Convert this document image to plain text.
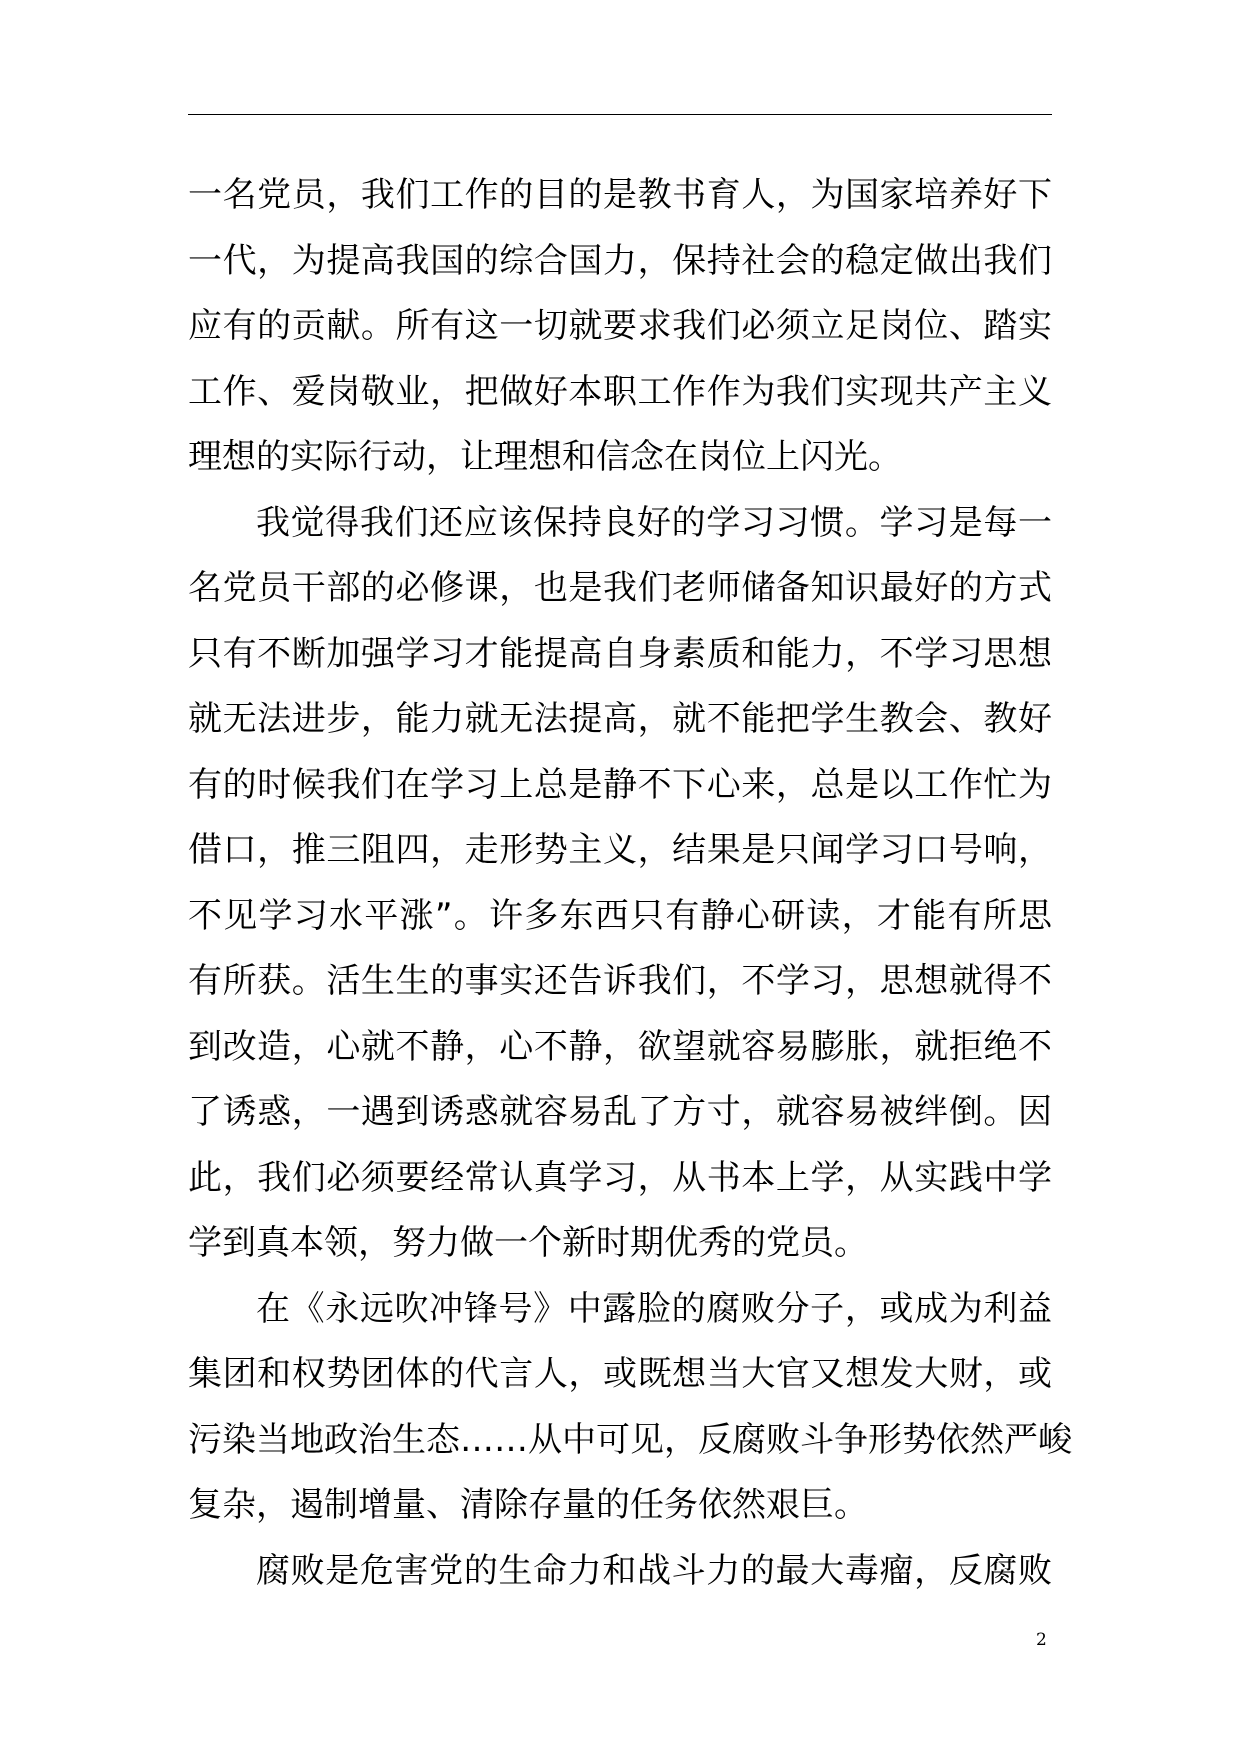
一名党员，我们工作的目的是教书育人，为国家培养好下
一代，为提高我国的综合国力，保持社会的稳定做出我们
应有的贡献。所有这一切就要求我们必须立足岗位、踏实
工作、爱岗敬业，把做好本职工作作为我们实现共产主义
理想的实际行动，让理想和信念在岗位上闪光。
我觉得我们还应该保持良好的学习习惯。学习是每一
名党员干部的必修课，也是我们老师储备知识最好的方式
只有不断加强学习才能提高自身素质和能力，不学习思想
就无法进步，能力就无法提高，就不能把学生教会、教好
有的时候我们在学习上总是静不下心来，总是以工作忙为
借口，推三阻四，走形势主义，结果是只闻学习口号响，
不见学习水平涨”。许多东西只有静心研读，才能有所思
有所获。活生生的事实还告诉我们，不学习，思想就得不
到改造，心就不静，心不静，欲望就容易膨胀，就拒绝不
了诱惑，一遇到诱惑就容易乱了方寸，就容易被绊倒。因
此，我们必须要经常认真学习，从书本上学，从实践中学
学到真本领，努力做一个新时期优秀的党员。
在《永远吹冲锋号》中露脸的腐败分子，或成为利益
集团和权势团体的代言人，或既想当大官又想发大财，或
污染当地政治生态……从中可见，反腐败斗争形势依然严峻
复杂，遏制增量、清除存量的任务依然艰巨。
腐败是危害党的生命力和战斗力的最大毒瘤，反腐败
2
